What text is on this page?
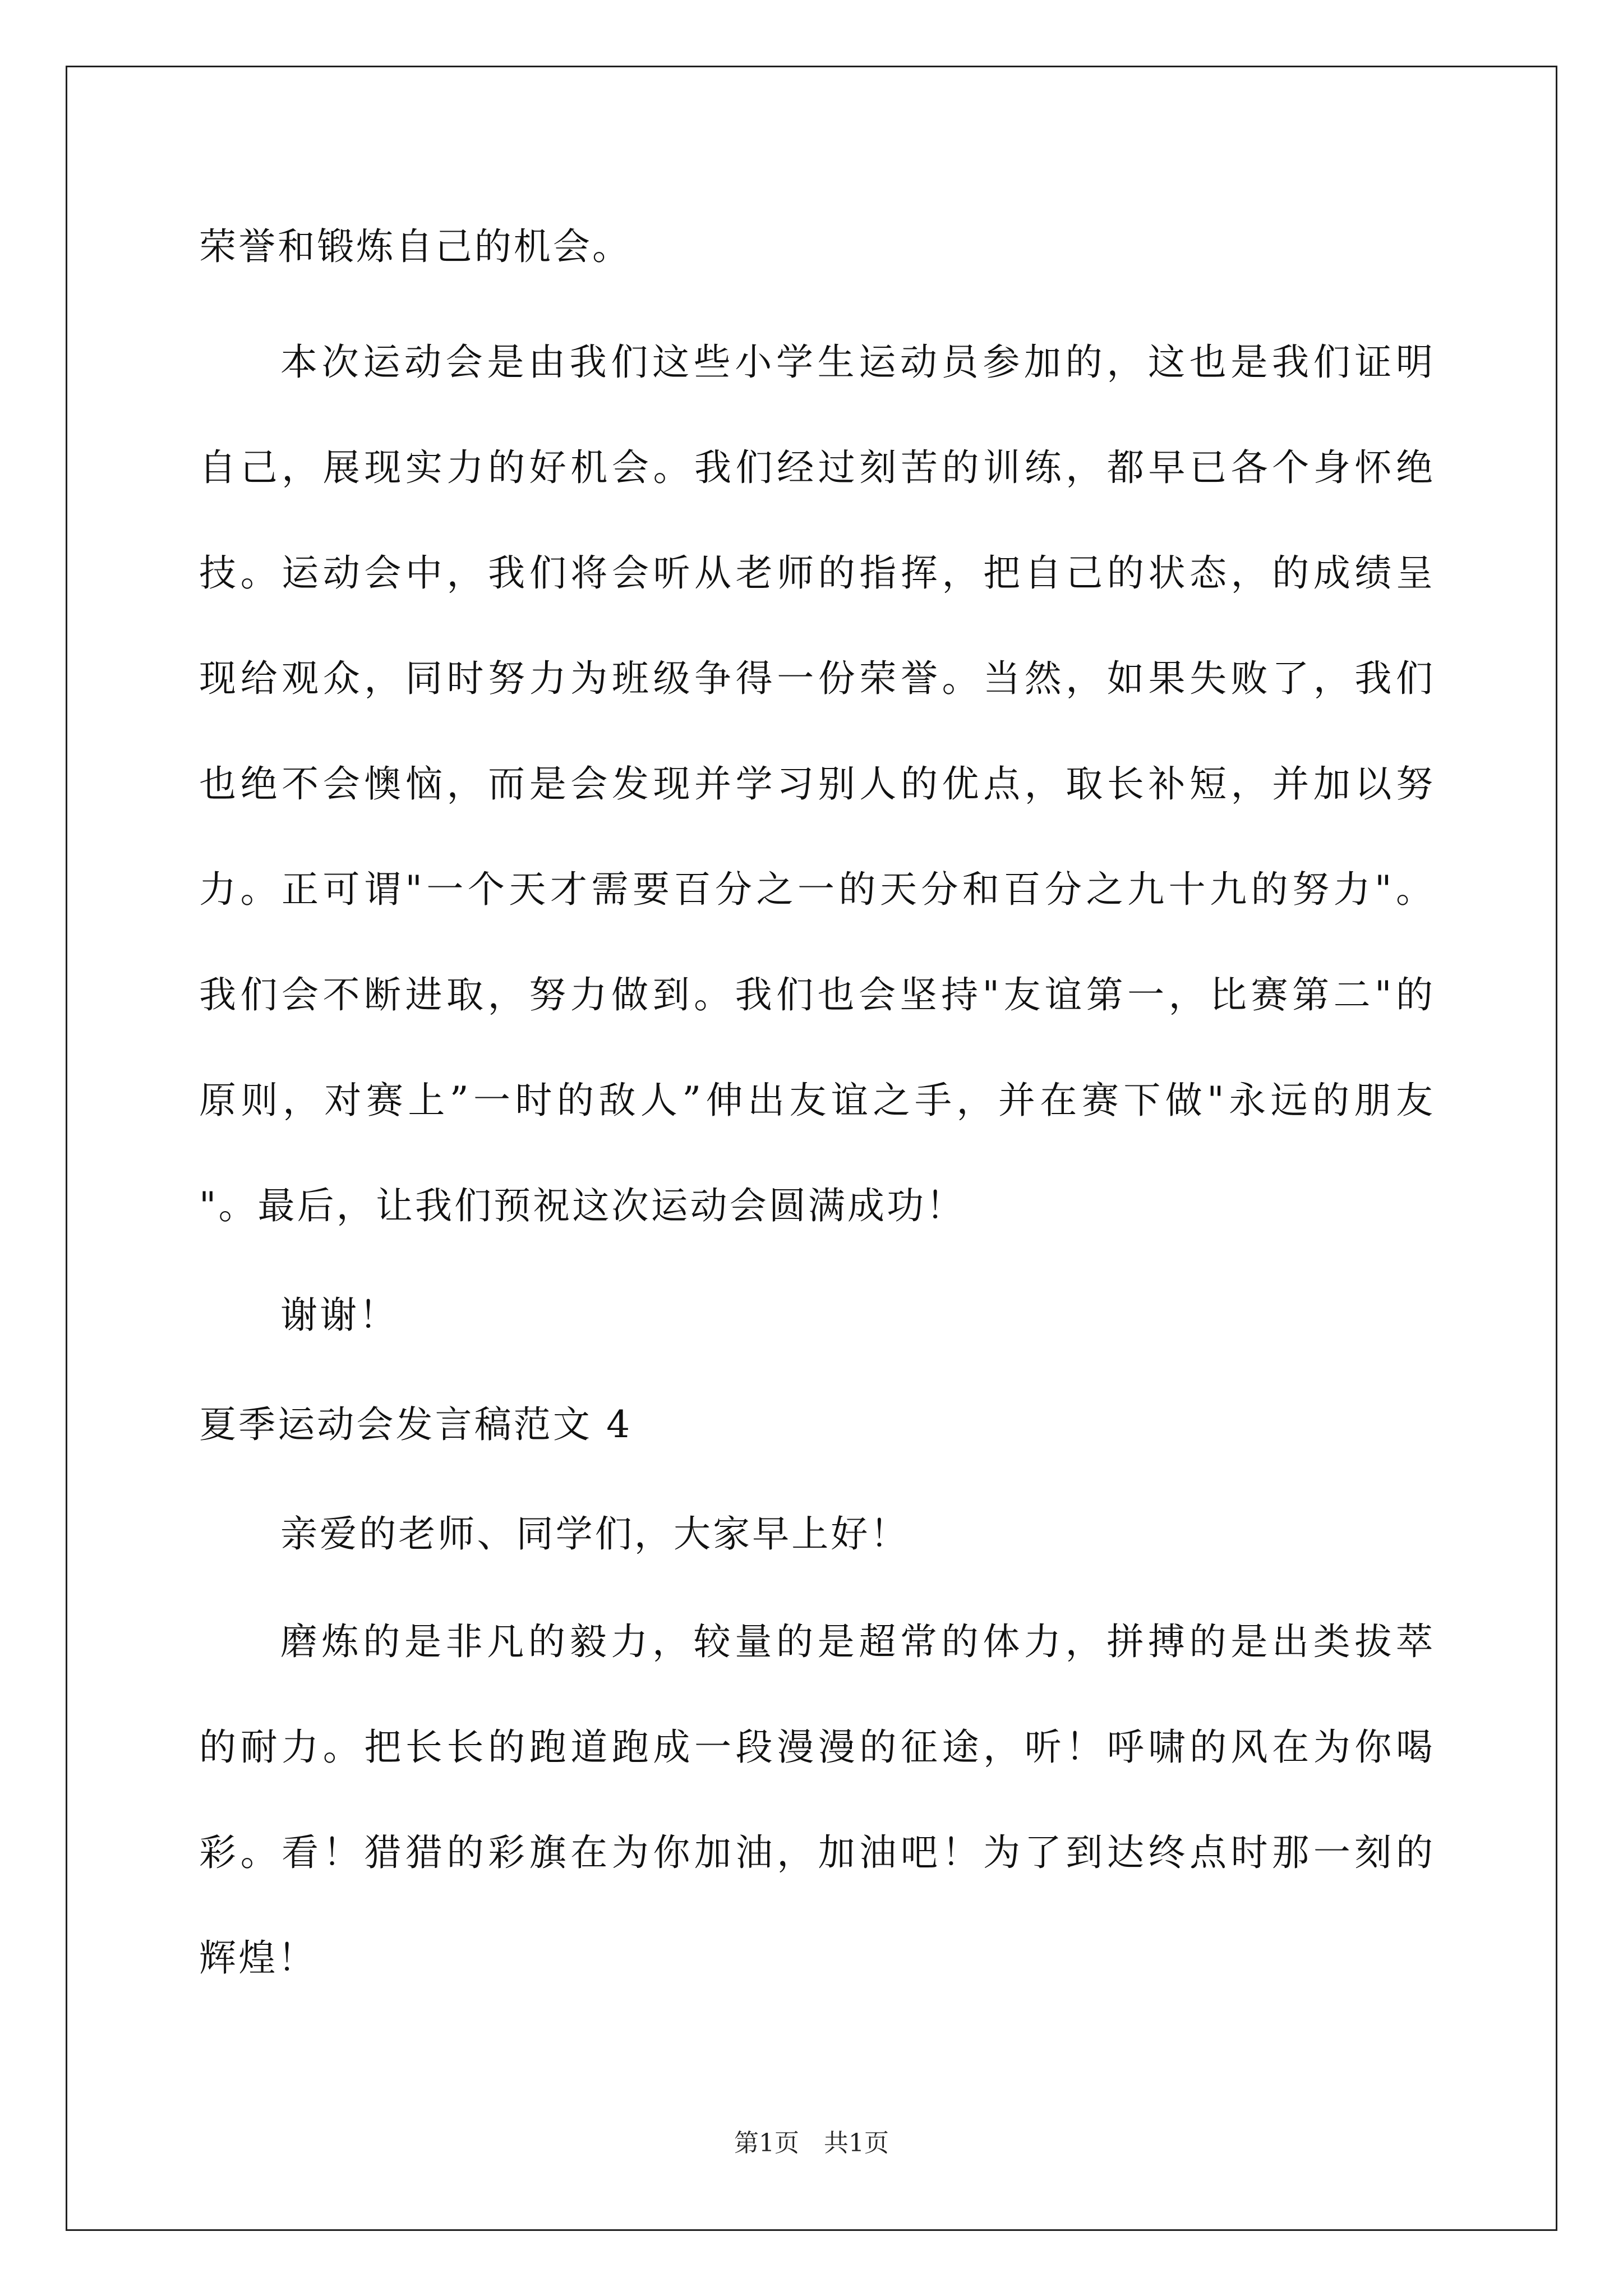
荣誉和锻炼自己的机会。
本次运动会是由我们这些小学生运动员参加的，这也是我们证明
自己，展现实力的好机会。我们经过刻苦的训练，都早已各个身怀绝
技。运动会中，我们将会听从老师的指挥，把自己的状态，的成绩呈
现给观众，同时努力为班级争得一份荣誉。当然，如果失败了，我们
也绝不会懊恼，而是会发现并学习别人的优点，取长补短，并加以努
力。正可谓"一个天才需要百分之一的天分和百分之九十九的努力"。
我们会不断进取，努力做到。我们也会坚持"友谊第一，比赛第二"的
原则，对赛上”一时的敌人”伸出友谊之手，并在赛下做"永远的朋友
"。最后，让我们预祝这次运动会圆满成功！
谢谢！
夏季运动会发言稿范文 4
亲爱的老师、同学们，大家早上好！
磨炼的是非凡的毅力，较量的是超常的体力，拼搏的是出类拔萃
的耐力。把长长的跑道跑成一段漫漫的征途，听！呼啸的风在为你喝
彩。看！猎猎的彩旗在为你加油，加油吧！为了到达终点时那一刻的
辉煌！
第1页　共1页
